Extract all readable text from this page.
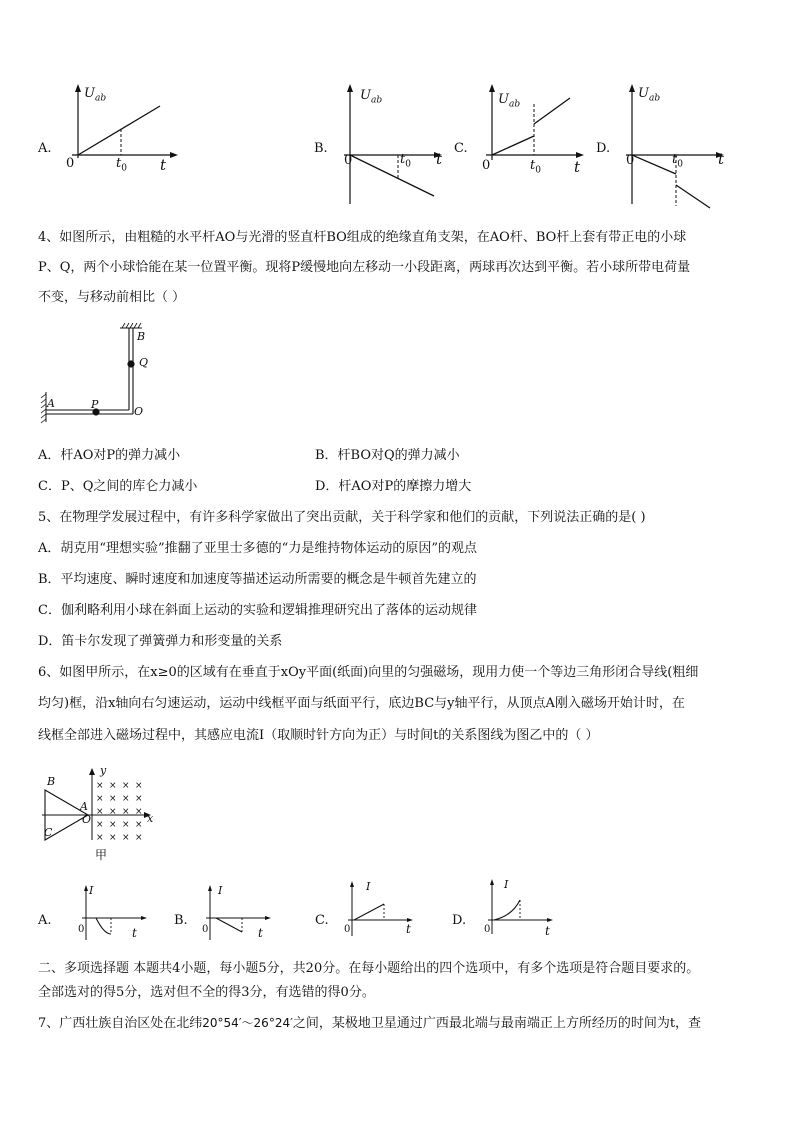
A.
$U_{ab}$
0	$t_0$ t
B.
$U_{ab}$
0	$t_0$ t
C.
$U_{ab}$
0	$t_0$ t
D.
$U_{ab}$
0	$t_0$ t
4、如图所示，由粗糙的水平杆AO与光滑的竖直杆BO组成的绝缘直角支架，在AO杆、BO杆上套有带正电的小球
P、Q，两个小球恰能在某一位置平衡。现将P缓慢地向左移动一小段距离，两球再次达到平衡。若小球所带电荷量
不变，与移动前相比（ ）
A
B
Q
P
O
A．杆AO对P的弹力减小	B．杆BO对Q的弹力减小
C．P、Q之间的库仑力减小	D．杆AO对P的摩擦力增大
5、在物理学发展过程中，有许多科学家做出了突出贡献，关于科学家和他们的贡献，下列说法正确的是( )
A．胡克用“理想实验”推翻了亚里士多德的“力是维持物体运动的原因”的观点
B．平均速度、瞬时速度和加速度等描述运动所需要的概念是牛顿首先建立的
C．伽利略利用小球在斜面上运动的实验和逻辑推理研究出了落体的运动规律
D．笛卡尔发现了弹簧弹力和形变量的关系
6、如图甲所示，在x≥0的区域有在垂直于xOy平面(纸面)向里的匀强磁场，现用力使一个等边三角形闭合导线(粗细
均匀)框，沿x轴向右匀速运动，运动中线框平面与纸面平行，底边BC与y轴平行，从顶点A刚入磁场开始计时，在
线框全部进入磁场过程中，其感应电流I（取顺时针方向为正）与时间t的关系图线为图乙中的（ ）
× × × ×
× × × ×
× × × ×
× × × ×
× × × ×
B
C
A
O
y
x
甲
A.
I
0	t
B.
I
0	t
C.
I
0	t
D.
I
0	t
二、多项选择题 本题共4小题，每小题5分，共20分。在每小题给出的四个选项中，有多个选项是符合题目要求的。
全部选对的得5分，选对但不全的得3分，有选错的得0分。
7、广西壮族自治区处在北纬20°54′～26°24′之间，某极地卫星通过广西最北端与最南端正上方所经历的时间为t，查
